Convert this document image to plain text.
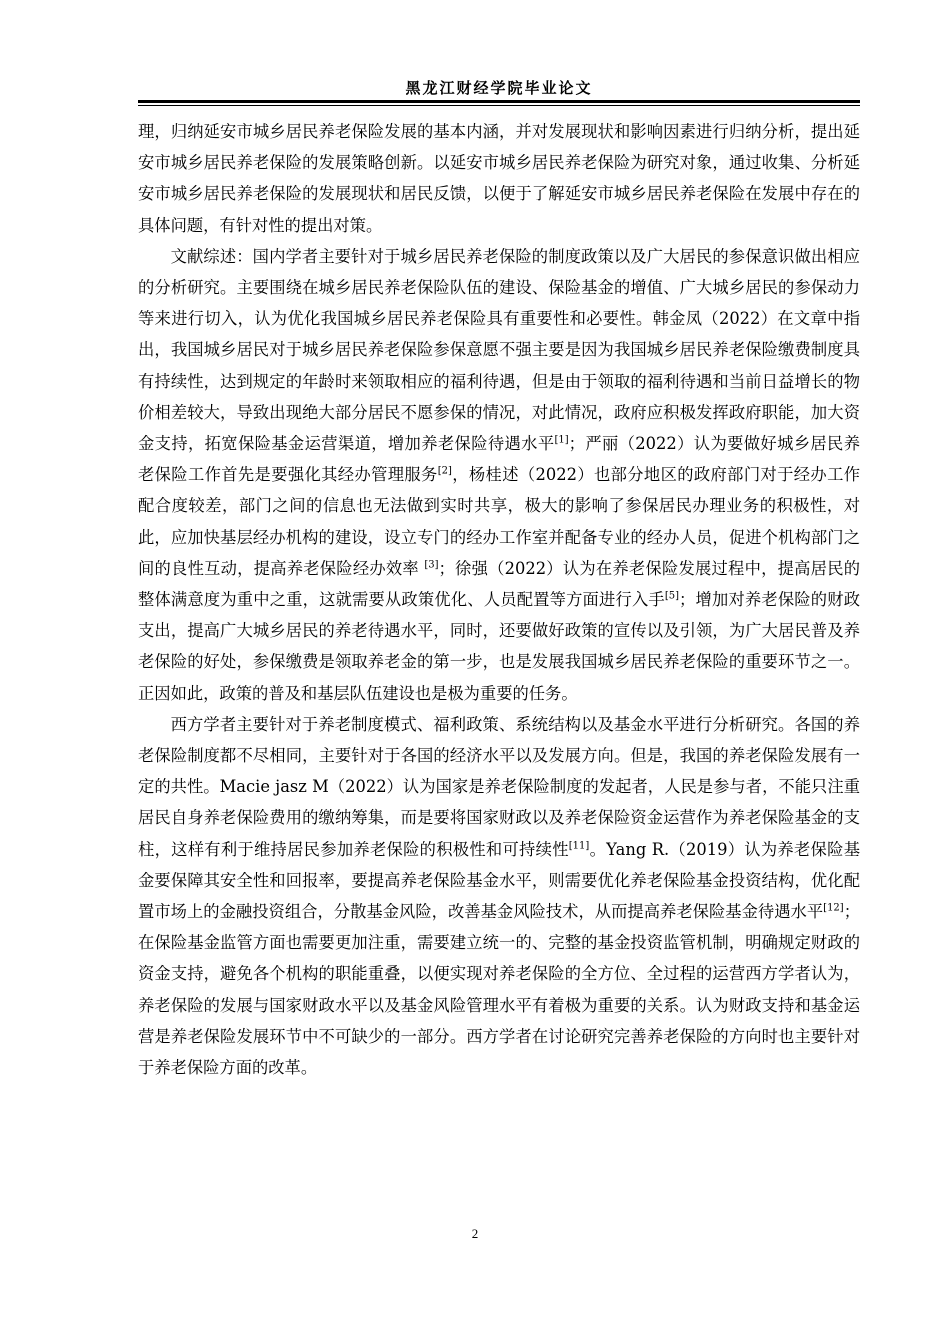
黑龙江财经学院毕业论文

理，归纳延安市城乡居民养老保险发展的基本内涵，并对发展现状和影响因素进行归纳分析，提出延安市城乡居民养老保险的发展策略创新。以延安市城乡居民养老保险为研究对象，通过收集、分析延安市城乡居民养老保险的发展现状和居民反馈，以便于了解延安市城乡居民养老保险在发展中存在的具体问题，有针对性的提出对策。

文献综述：国内学者主要针对于城乡居民养老保险的制度政策以及广大居民的参保意识做出相应的分析研究。主要围绕在城乡居民养老保险队伍的建设、保险基金的增值、广大城乡居民的参保动力等来进行切入，认为优化我国城乡居民养老保险具有重要性和必要性。韩金凤（2022）在文章中指出，我国城乡居民对于城乡居民养老保险参保意愿不强主要是因为我国城乡居民养老保险缴费制度具有持续性，达到规定的年龄时来领取相应的福利待遇，但是由于领取的福利待遇和当前日益增长的物价相差较大，导致出现绝大部分居民不愿参保的情况，对此情况，政府应积极发挥政府职能，加大资金支持，拓宽保险基金运营渠道，增加养老保险待遇水平[1]；严丽（2022）认为要做好城乡居民养老保险工作首先是要强化其经办管理服务[2]，杨桂述（2022）也部分地区的政府部门对于经办工作配合度较差，部门之间的信息也无法做到实时共享，极大的影响了参保居民办理业务的积极性，对此，应加快基层经办机构的建设，设立专门的经办工作室并配备专业的经办人员，促进个机构部门之间的良性互动，提高养老保险经办效率 [3]；徐强（2022）认为在养老保险发展过程中，提高居民的整体满意度为重中之重，这就需要从政策优化、人员配置等方面进行入手[5]；增加对养老保险的财政支出，提高广大城乡居民的养老待遇水平，同时，还要做好政策的宣传以及引领，为广大居民普及养老保险的好处，参保缴费是领取养老金的第一步，也是发展我国城乡居民养老保险的重要环节之一。正因如此，政策的普及和基层队伍建设也是极为重要的任务。

西方学者主要针对于养老制度模式、福利政策、系统结构以及基金水平进行分析研究。各国的养老保险制度都不尽相同，主要针对于各国的经济水平以及发展方向。但是，我国的养老保险发展有一定的共性。Macie jasz M（2022）认为国家是养老保险制度的发起者，人民是参与者，不能只注重居民自身养老保险费用的缴纳筹集，而是要将国家财政以及养老保险资金运营作为养老保险基金的支柱，这样有利于维持居民参加养老保险的积极性和可持续性[11]。Yang R.（2019）认为养老保险基金要保障其安全性和回报率，要提高养老保险基金水平，则需要优化养老保险基金投资结构，优化配置市场上的金融投资组合，分散基金风险，改善基金风险技术，从而提高养老保险基金待遇水平[12]；在保险基金监管方面也需要更加注重，需要建立统一的、完整的基金投资监管机制，明确规定财政的资金支持，避免各个机构的职能重叠，以便实现对养老保险的全方位、全过程的运营西方学者认为，养老保险的发展与国家财政水平以及基金风险管理水平有着极为重要的关系。认为财政支持和基金运营是养老保险发展环节中不可缺少的一部分。西方学者在讨论研究完善养老保险的方向时也主要针对于养老保险方面的改革。

2
